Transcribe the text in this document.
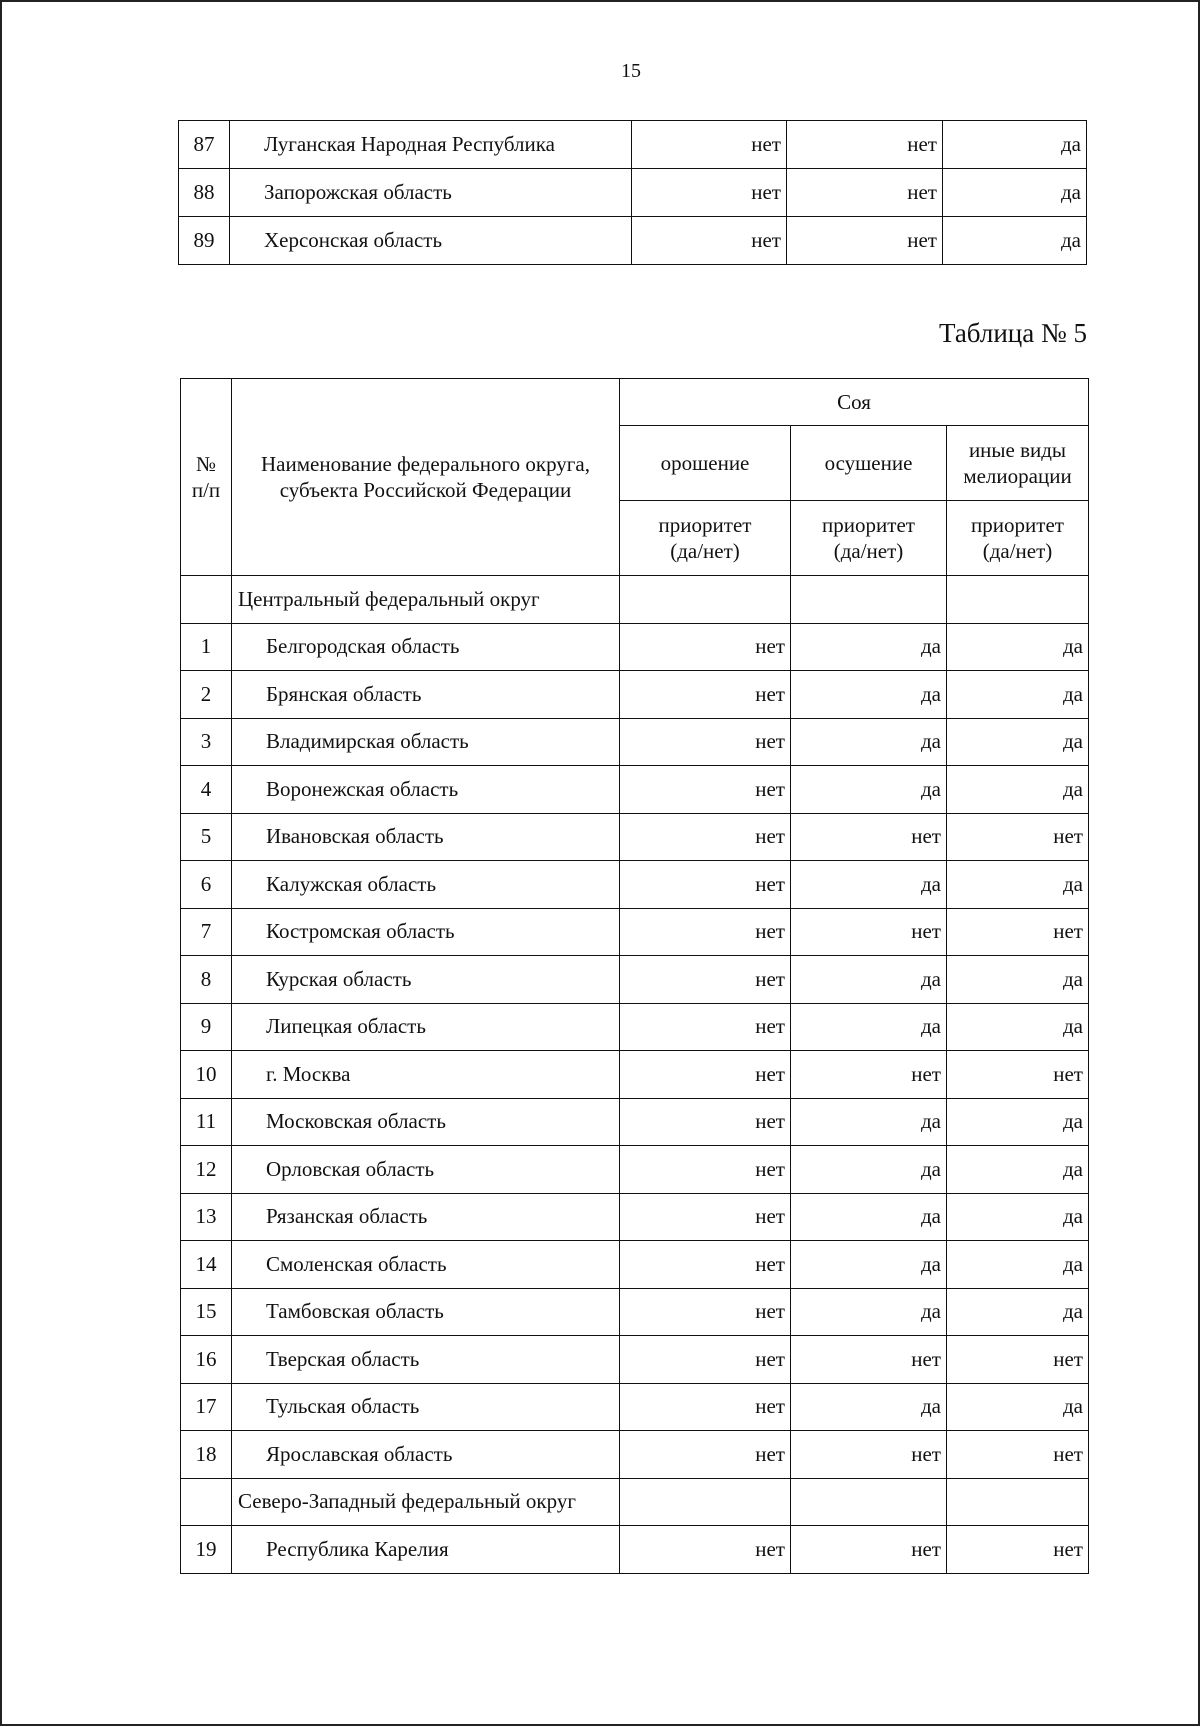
15
87	Луганская Народная Республика	нет	нет	да
88	Запорожская область	нет	нет	да
89	Херсонская область	нет	нет	да
Таблица № 5
№ п/п	Наименование федерального округа, субъекта Российской Федерации	Соя		
		орошение	осушение	иные виды мелиорации
		приоритет (да/нет)	приоритет (да/нет)	приоритет (да/нет)
	Центральный федеральный округ			
1	Белгородская область	нет	да	да
2	Брянская область	нет	да	да
3	Владимирская область	нет	да	да
4	Воронежская область	нет	да	да
5	Ивановская область	нет	нет	нет
6	Калужская область	нет	да	да
7	Костромская область	нет	нет	нет
8	Курская область	нет	да	да
9	Липецкая область	нет	да	да
10	г. Москва	нет	нет	нет
11	Московская область	нет	да	да
12	Орловская область	нет	да	да
13	Рязанская область	нет	да	да
14	Смоленская область	нет	да	да
15	Тамбовская область	нет	да	да
16	Тверская область	нет	нет	нет
17	Тульская область	нет	да	да
18	Ярославская область	нет	нет	нет
	Северо-Западный федеральный округ			
19	Республика Карелия	нет	нет	нет
